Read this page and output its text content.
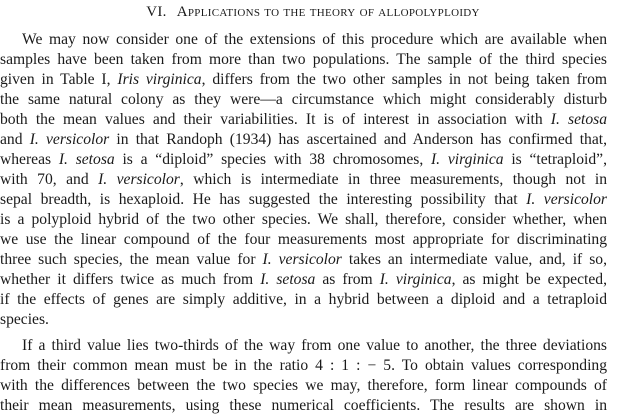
VI. Applications to the theory of allopolyploidy
We may now consider one of the extensions of this procedure which are available when
samples have been taken from more than two populations. The sample of the third species
given in Table I, Iris virginica, differs from the two other samples in not being taken from
the same natural colony as they were—a circumstance which might considerably disturb
both the mean values and their variabilities. It is of interest in association with I. setosa
and I. versicolor in that Randoph (1934) has ascertained and Anderson has confirmed that,
whereas I. setosa is a “diploid” species with 38 chromosomes, I. virginica is “tetraploid”,
with 70, and I. versicolor, which is intermediate in three measurements, though not in
sepal breadth, is hexaploid. He has suggested the interesting possibility that I. versicolor
is a polyploid hybrid of the two other species. We shall, therefore, consider whether, when
we use the linear compound of the four measurements most appropriate for discriminating
three such species, the mean value for I. versicolor takes an intermediate value, and, if so,
whether it differs twice as much from I. setosa as from I. virginica, as might be expected,
if the effects of genes are simply additive, in a hybrid between a diploid and a tetraploid
species.
If a third value lies two-thirds of the way from one value to another, the three deviations
from their common mean must be in the ratio 4 : 1 : − 5. To obtain values corresponding
with the differences between the two species we may, therefore, form linear compounds of
their mean measurements, using these numerical coefficients. The results are shown in
